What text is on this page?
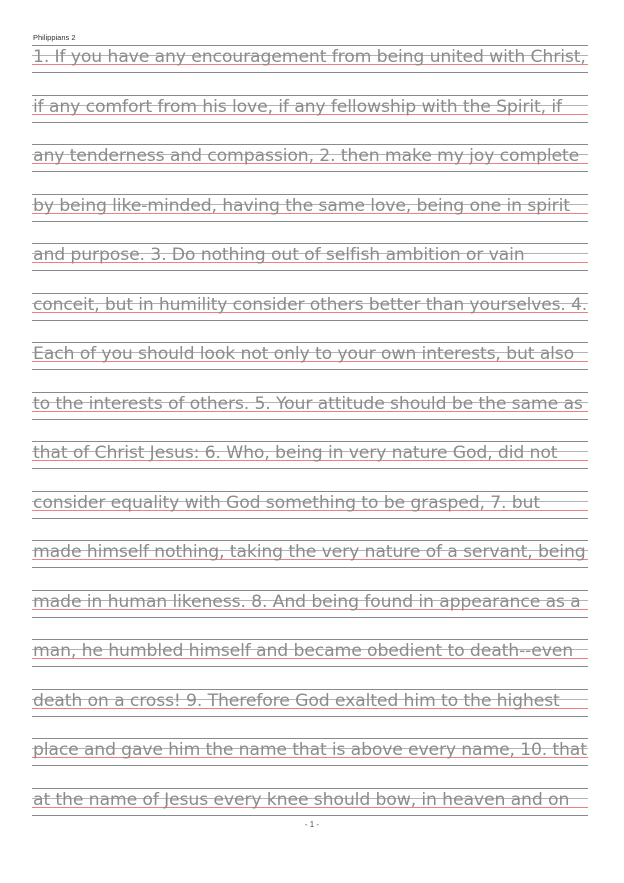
Philippians 2
1. If you have any encouragement from being united with Christ,
if any comfort from his love, if any fellowship with the Spirit, if
any tenderness and compassion, 2. then make my joy complete
by being like-minded, having the same love, being one in spirit
and purpose. 3. Do nothing out of selfish ambition or vain
conceit, but in humility consider others better than yourselves. 4.
Each of you should look not only to your own interests, but also
to the interests of others. 5. Your attitude should be the same as
that of Christ Jesus: 6. Who, being in very nature God, did not
consider equality with God something to be grasped, 7. but
made himself nothing, taking the very nature of a servant, being
made in human likeness. 8. And being found in appearance as a
man, he humbled himself and became obedient to death--even
death on a cross! 9. Therefore God exalted him to the highest
place and gave him the name that is above every name, 10. that
at the name of Jesus every knee should bow, in heaven and on
- 1 -
